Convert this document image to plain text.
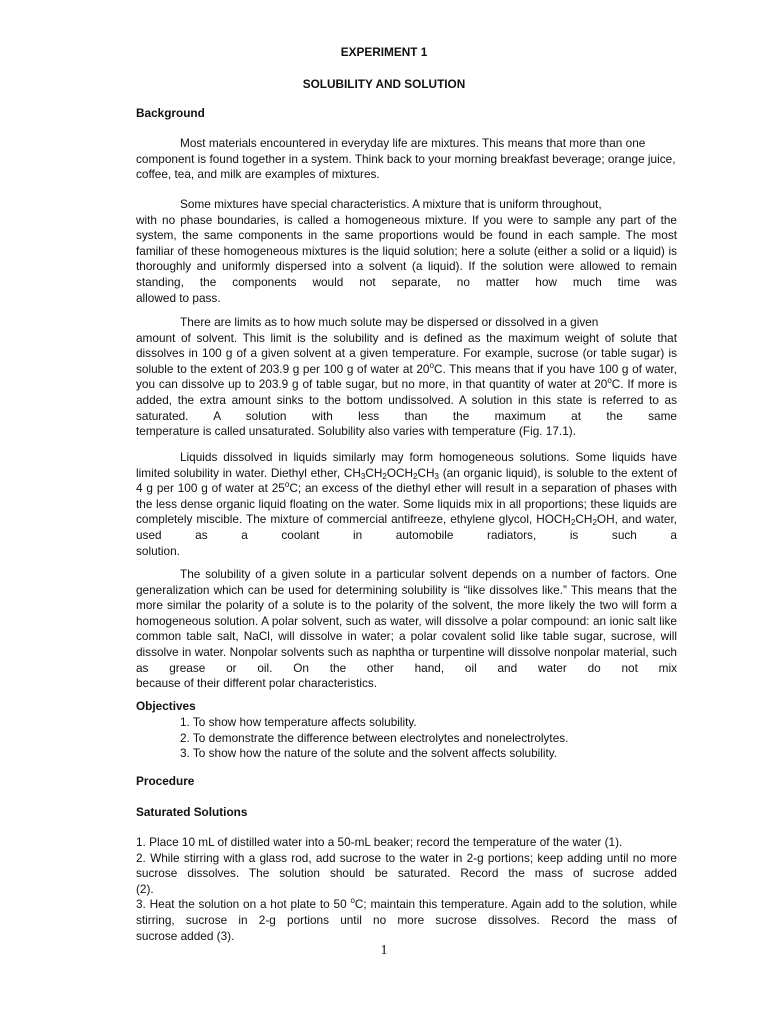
EXPERIMENT 1
SOLUBILITY AND SOLUTION
Background

Most materials encountered in everyday life are mixtures. This means that more than one

component is found together in a system. Think back to your morning breakfast beverage; orange juice, coffee, tea, and milk are examples of mixtures.

Some mixtures have special characteristics. A mixture that is uniform throughout,

with no phase boundaries, is called a homogeneous mixture. If you were to sample any part of the system, the same components in the same proportions would be found in each sample. The most familiar of these homogeneous mixtures is the liquid solution; here a solute (either a solid or a liquid) is thoroughly and uniformly dispersed into a solvent (a liquid). If the solution were allowed to remain standing, the components would not separate, no matter how much time was

allowed to pass.

There are limits as to how much solute may be dispersed or dissolved in a given

amount of solvent. This limit is the solubility and is defined as the maximum weight of solute that dissolves in 100 g of a given solvent at a given temperature. For example, sucrose (or table sugar) is soluble to the extent of 203.9 g per 100 g of water at 20$^o$C. This means that if you have 100 g of water, you can dissolve up to 203.9 g of table sugar, but no more, in that quantity of water at 20$^o$C. If more is added, the extra amount sinks to the bottom undissolved. A solution in this state is referred to as saturated. A solution with less than the maximum at the same

temperature is called unsaturated. Solubility also varies with temperature (Fig. 17.1).

Liquids dissolved in liquids similarly may form homogeneous solutions. Some liquids have limited solubility in water. Diethyl ether, $CH_3CH_2OCH_2CH_3$ (an organic liquid), is soluble to the extent of 4 g per 100 g of water at 25$^o$C; an excess of the diethyl ether will result in a separation of phases with the less dense organic liquid floating on the water. Some liquids mix in all proportions; these liquids are completely miscible. The mixture of commercial antifreeze, ethylene glycol, $HOCH_2CH_2OH$, and water, used as a coolant in automobile radiators, is such a

solution.

The solubility of a given solute in a particular solvent depends on a number of factors. One generalization which can be used for determining solubility is “like dissolves like.” This means that the more similar the polarity of a solute is to the polarity of the solvent, the more likely the two will form a homogeneous solution. A polar solvent, such as water, will dissolve a polar compound: an ionic salt like common table salt, NaCl, will dissolve in water; a polar covalent solid like table sugar, sucrose, will dissolve in water. Nonpolar solvents such as naphtha or turpentine will dissolve nonpolar material, such as grease or oil. On the other hand, oil and water do not mix

because of their different polar characteristics.

Objectives
1. To show how temperature affects solubility.
2. To demonstrate the difference between electrolytes and nonelectrolytes.
3. To show how the nature of the solute and the solvent affects solubility.
Procedure
Saturated Solutions

1. Place 10 mL of distilled water into a 50-mL beaker; record the temperature of the water (1).

2. While stirring with a glass rod, add sucrose to the water in 2-g portions; keep adding until no more sucrose dissolves. The solution should be saturated. Record the mass of sucrose added

(2).

3. Heat the solution on a hot plate to 50 $^o$C; maintain this temperature. Again add to the solution, while stirring, sucrose in 2-g portions until no more sucrose dissolves. Record the mass of

sucrose added (3).

1
